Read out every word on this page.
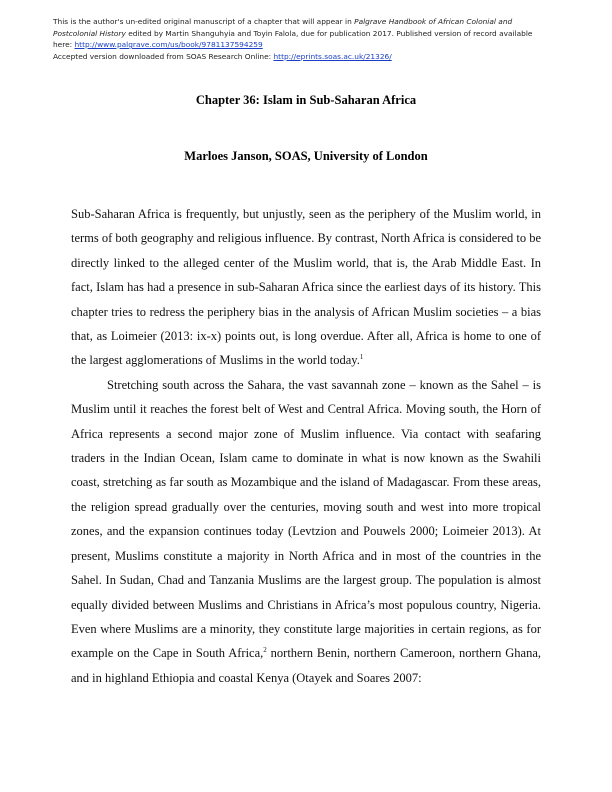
This is the author's un-edited original manuscript of a chapter that will appear in Palgrave Handbook of African Colonial and Postcolonial History edited by Martin Shanguhyia and Toyin Falola, due for publication 2017. Published version of record available here: http://www.palgrave.com/us/book/9781137594259
Accepted version downloaded from SOAS Research Online: http://eprints.soas.ac.uk/21326/
Chapter 36: Islam in Sub-Saharan Africa
Marloes Janson, SOAS, University of London

Sub-Saharan Africa is frequently, but unjustly, seen as the periphery of the Muslim world, in terms of both geography and religious influence. By contrast, North Africa is considered to be directly linked to the alleged center of the Muslim world, that is, the Arab Middle East. In fact, Islam has had a presence in sub-Saharan Africa since the earliest days of its history. This chapter tries to redress the periphery bias in the analysis of African Muslim societies – a bias that, as Loimeier (2013: ix-x) points out, is long overdue. After all, Africa is home to one of the largest agglomerations of Muslims in the world today.$^1$

Stretching south across the Sahara, the vast savannah zone – known as the Sahel – is Muslim until it reaches the forest belt of West and Central Africa. Moving south, the Horn of Africa represents a second major zone of Muslim influence. Via contact with seafaring traders in the Indian Ocean, Islam came to dominate in what is now known as the Swahili coast, stretching as far south as Mozambique and the island of Madagascar. From these areas, the religion spread gradually over the centuries, moving south and west into more tropical zones, and the expansion continues today (Levtzion and Pouwels 2000; Loimeier 2013). At present, Muslims constitute a majority in North Africa and in most of the countries in the Sahel. In Sudan, Chad and Tanzania Muslims are the largest group. The population is almost equally divided between Muslims and Christians in Africa’s most populous country, Nigeria. Even where Muslims are a minority, they constitute large majorities in certain regions, as for example on the Cape in South Africa,$^2$ northern Benin, northern Cameroon, northern Ghana, and in highland Ethiopia and coastal Kenya (Otayek and Soares 2007:
